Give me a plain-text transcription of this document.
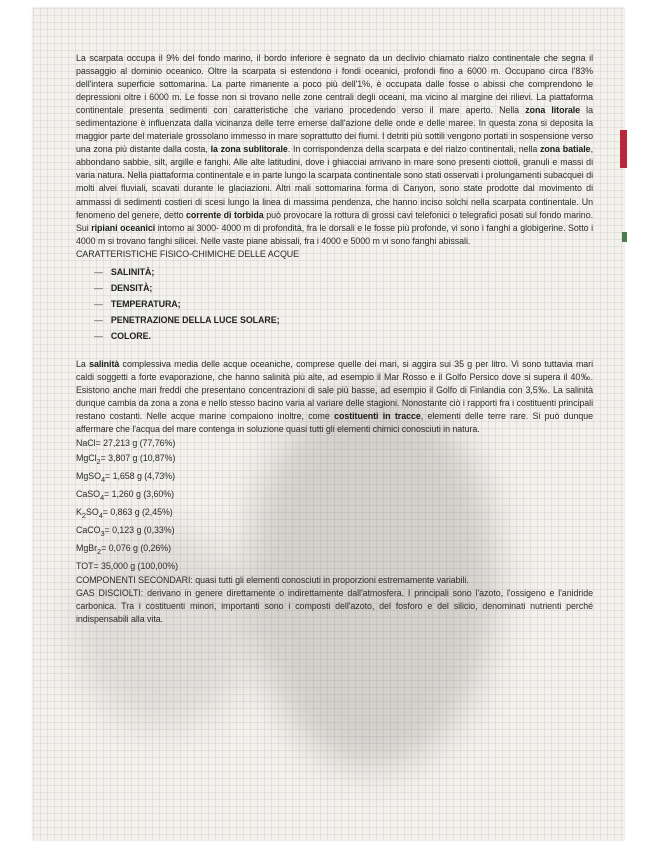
La scarpata occupa il 9% del fondo marino, il bordo inferiore è segnato da un declivio chiamato rialzo continentale che segna il passaggio al dominio oceanico. Oltre la scarpata si estendono i fondi oceanici, profondi fino a 6000 m. Occupano circa l'83% dell'intera superficie sottomarina. La parte rimanente a poco più dell'1%, è occupata dalle fosse o abissi che comprendono le depressioni oltre i 6000 m. Le fosse non si trovano nelle zone centrali degli oceani, ma vicino al margine dei rilievi. La piattaforma continentale presenta sedimenti con caratteristiche che variano procedendo verso il mare aperto. Nella zona litorale la sedimentazione è influenzata dalla vicinanza delle terre emerse dall'azione delle onde e delle maree. In questa zona si deposita la maggior parte del materiale grossolano immesso in mare soprattutto dei fiumi. I detriti più sottili vengono portati in sospensione verso una zona più distante dalla costa, la zona sublitorale. In corrispondenza della scarpata e del rialzo continentali, nella zona batiale, abbondano sabbie, silt, argille e fanghi. Alle alte latitudini, dove i ghiacciai arrivano in mare sono presenti ciottoli, granuli e massi di varia natura. Nella piattaforma continentale e in parte lungo la scarpata continentale sono stati osservati i prolungamenti subacquei di molti alvei fluviali, scavati durante le glaciazioni. Altri mali sottomarina forma di Canyon, sono state prodotte dal movimento di ammassi di sedimenti costieri di scesi lungo la linea di massima pendenza, che hanno inciso solchi nella scarpata continentale. Un fenomeno del genere, detto corrente di torbida può provocare la rottura di grossi cavi telefonici o telegrafici posati sul fondo marino. Sui ripiani oceanici intorno ai 3000- 4000 m di profondità, fra le dorsali e le fosse più profonde, vi sono i fanghi a globigerine. Sotto i 4000 m si trovano fanghi silicei. Nelle vaste piane abissali, fra i 4000 e 5000 m vi sono fanghi abissali.

CARATTERISTICHE FISICO-CHIMICHE DELLE ACQUE

— SALINITÀ;
— DENSITÀ;
— TEMPERATURA;
— PENETRAZIONE DELLA LUCE SOLARE;
— COLORE.

La salinità complessiva media delle acque oceaniche, comprese quelle dei mari, si aggira sui 35 g per litro. Vi sono tuttavia mari caldi soggetti a forte evaporazione, che hanno salinità più alte, ad esempio il Mar Rosso e il Golfo Persico dove si supera il 40‰. Esistono anche mari freddi che presentano concentrazioni di sale più basse, ad esempio il Golfo di Finlandia con 3,5‰. La salinità dunque cambia da zona a zona e nello stesso bacino varia al variare delle stagioni. Nonostante ciò i rapporti fra i costituenti principali restano costanti. Nelle acque marine compaiono inoltre, come costituenti in tracce, elementi delle terre rare. Si può dunque affermare che l'acqua del mare contenga in soluzione quasi tutti gli elementi chimici conosciuti in natura.

NaCl= 27,213 g (77,76%)

MgCl$_2$= 3,807 g (10,87%)

MgSO$_4$= 1,658 g (4,73%)

CaSO$_4$= 1,260 g (3,60%)

$K_2SO_4= 0,863$ g (2,45%)

CaCO$_3$= 0,123 g (0,33%)

MgBr$_2$= 0,076 g (0,26%)

TOT= 35,000 g (100,00%)

COMPONENTI SECONDARI: quasi tutti gli elementi conosciuti in proporzioni estremamente variabili.

GAS DISCIOLTI: derivano in genere direttamente o indirettamente dall'atmosfera. I principali sono l'azoto, l'ossigeno e l'anidride carbonica. Tra i costituenti minori, importanti sono i composti dell'azoto, del fosforo e del silicio, denominati nutrienti perché indispensabili alla vita.
